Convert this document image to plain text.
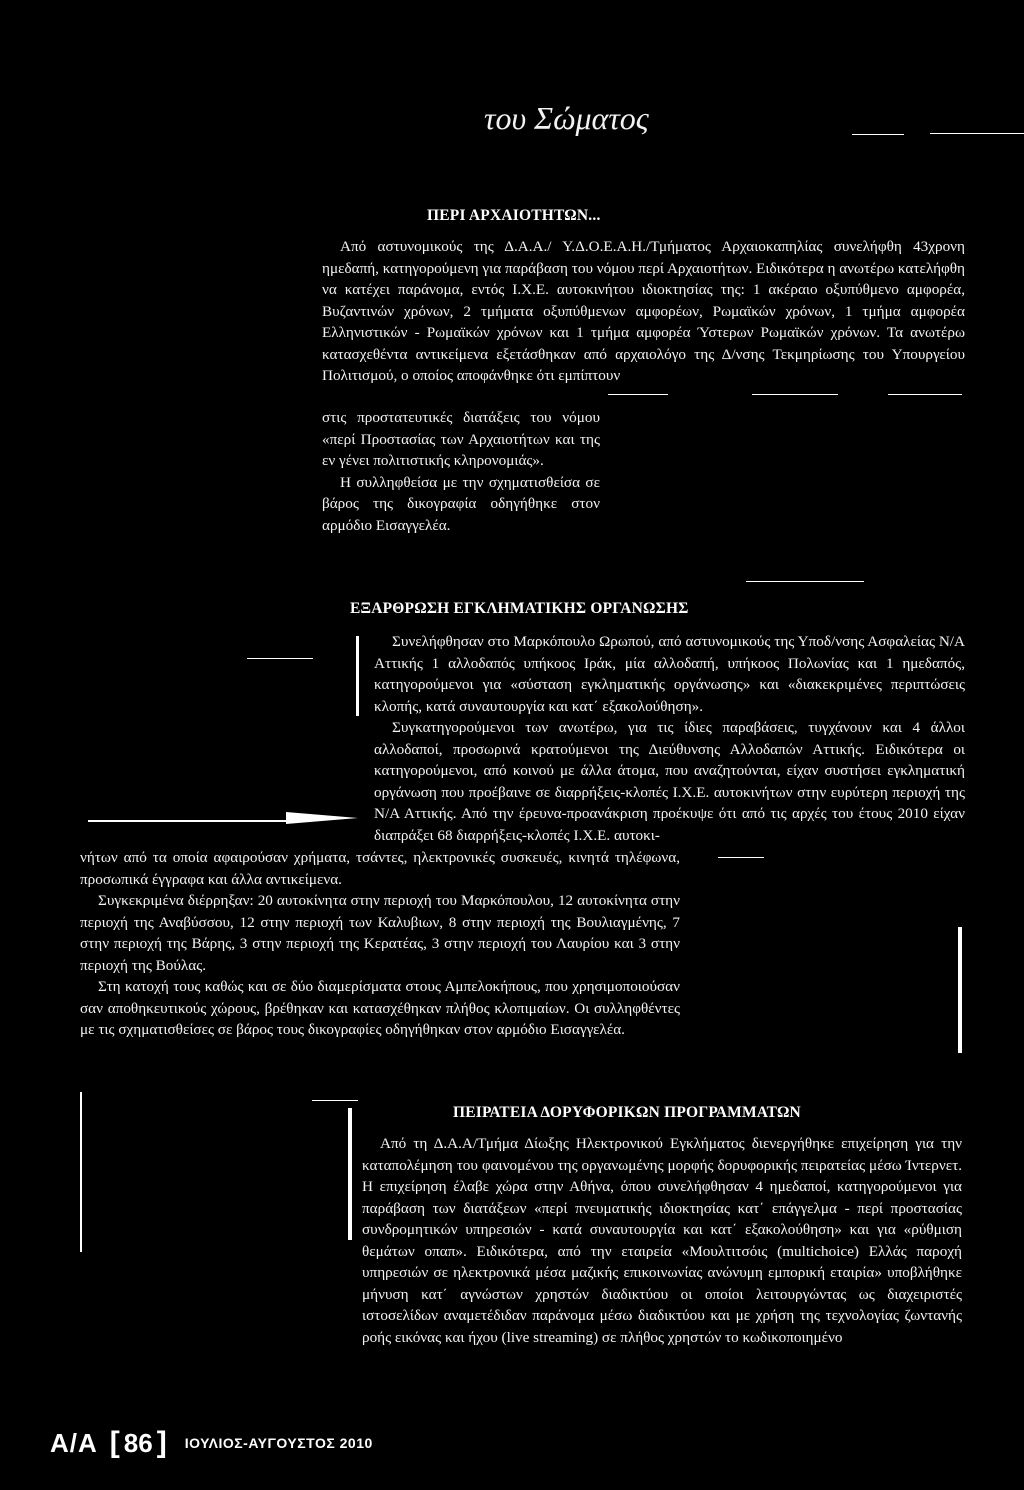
του Σώματος
ΠΕΡΙ ΑΡΧΑΙΟΤΗΤΩΝ...

Από αστυνομικούς της Δ.Α.Α./ Υ.Δ.Ο.Ε.Α.Η./Τμήματος Αρχαιοκαπηλίας συνελήφθη 43χρονη ημεδαπή, κατηγορούμενη για παράβαση του νόμου περί Αρχαιοτήτων. Ειδικότερα η ανωτέρω κατελήφθη να κατέχει παράνομα, εντός Ι.Χ.Ε. αυτοκινήτου ιδιοκτησίας της: 1 ακέραιο οξυπύθμενο αμφορέα, Βυζαντινών χρόνων, 2 τμήματα οξυπύθμενων αμφορέων, Ρωμαϊκών χρόνων, 1 τμήμα αμφορέα Ελληνιστικών - Ρωμαϊκών χρόνων και 1 τμήμα αμφορέα Ύστερων Ρωμαϊκών χρόνων. Τα ανωτέρω κατασχεθέντα αντικείμενα εξετάσθηκαν από αρχαιολόγο της Δ/νσης Τεκμηρίωσης του Υπουργείου Πολιτισμού, ο οποίος αποφάνθηκε ότι εμπίπτουν

στις προστατευτικές διατάξεις του νόμου «περί Προστασίας των Αρχαιοτήτων και της εν γένει πολιτιστικής κληρονομιάς».

Η συλληφθείσα με την σχηματισθείσα σε βάρος της δικογραφία οδηγήθηκε στον αρμόδιο Εισαγγελέα.

ΕΞΑΡΘΡΩΣΗ ΕΓΚΛΗΜΑΤΙΚΗΣ ΟΡΓΑΝΩΣΗΣ

Συνελήφθησαν στο Μαρκόπουλο Ωρωπού, από αστυνομικούς της Υποδ/νσης Ασφαλείας Ν/Α Αττικής 1 αλλοδαπός υπήκοος Ιράκ, μία αλλοδαπή, υπήκοος Πολωνίας και 1 ημεδαπός, κατηγορούμενοι για «σύσταση εγκληματικής οργάνωσης» και «διακεκριμένες περιπτώσεις κλοπής, κατά συναυτουργία και κατ΄ εξακολούθηση».

Συγκατηγορούμενοι των ανωτέρω, για τις ίδιες παραβάσεις, τυγχάνουν και 4 άλλοι αλλοδαποί, προσωρινά κρατούμενοι της Διεύθυνσης Αλλοδαπών Αττικής. Ειδικότερα οι κατηγορούμενοι, από κοινού με άλλα άτομα, που αναζητούνται, είχαν συστήσει εγκληματική οργάνωση που προέβαινε σε διαρρήξεις-κλοπές Ι.Χ.Ε. αυτοκινήτων στην ευρύτερη περιοχή της Ν/Α Αττικής. Από την έρευνα-προανάκριση προέκυψε ότι από τις αρχές του έτους 2010 είχαν διαπράξει 68 διαρρήξεις-κλοπές Ι.Χ.Ε. αυτοκι-

νήτων από τα οποία αφαιρούσαν χρήματα, τσάντες, ηλεκτρονικές συσκευές, κινητά τηλέφωνα, προσωπικά έγγραφα και άλλα αντικείμενα.

Συγκεκριμένα διέρρηξαν: 20 αυτοκίνητα στην περιοχή του Μαρκόπουλου, 12 αυτοκίνητα στην περιοχή της Αναβύσσου, 12 στην περιοχή των Καλυβιων, 8 στην περιοχή της Βουλιαγμένης, 7 στην περιοχή της Βάρης, 3 στην περιοχή της Κερατέας, 3 στην περιοχή του Λαυρίου και 3 στην περιοχή της Βούλας.

Στη κατοχή τους καθώς και σε δύο διαμερίσματα στους Αμπελοκήπους, που χρησιμοποιούσαν σαν αποθηκευτικούς χώρους, βρέθηκαν και κατασχέθηκαν πλήθος κλοπιμαίων. Οι συλληφθέντες με τις σχηματισθείσες σε βάρος τους δικογραφίες οδηγήθηκαν στον αρμόδιο Εισαγγελέα.

ΠΕΙΡΑΤΕΙΑ ΔΟΡΥΦΟΡΙΚΩΝ ΠΡΟΓΡΑΜΜΑΤΩΝ

Από τη Δ.Α.Α/Τμήμα Δίωξης Ηλεκτρονικού Εγκλήματος διενεργήθηκε επιχείρηση για την καταπολέμηση του φαινομένου της οργανωμένης μορφής δορυφορικής πειρατείας μέσω Ίντερνετ. Η επιχείρηση έλαβε χώρα στην Αθήνα, όπου συνελήφθησαν 4 ημεδαποί, κατηγορούμενοι για παράβαση των διατάξεων «περί πνευματικής ιδιοκτησίας κατ΄ επάγγελμα - περί προστασίας συνδρομητικών υπηρεσιών - κατά συναυτουργία και κατ΄ εξακολούθηση» και για «ρύθμιση θεμάτων οπαπ». Ειδικότερα, από την εταιρεία «Μουλτιτσόις (multichoice) Ελλάς παροχή υπηρεσιών σε ηλεκτρονικά μέσα μαζικής επικοινωνίας ανώνυμη εμπορική εταιρία» υποβλήθηκε μήνυση κατ΄ αγνώστων χρηστών διαδικτύου οι οποίοι λειτουργώντας ως διαχειριστές ιστοσελίδων αναμετέδιδαν παράνομα μέσω διαδικτύου και με χρήση της τεχνολογίας ζωντανής ροής εικόνας και ήχου (live streaming) σε πλήθος χρηστών το κωδικοποιημένο

Α/Α [ 86 ] ΙΟΥΛΙΟΣ-ΑΥΓΟΥΣΤΟΣ 2010
